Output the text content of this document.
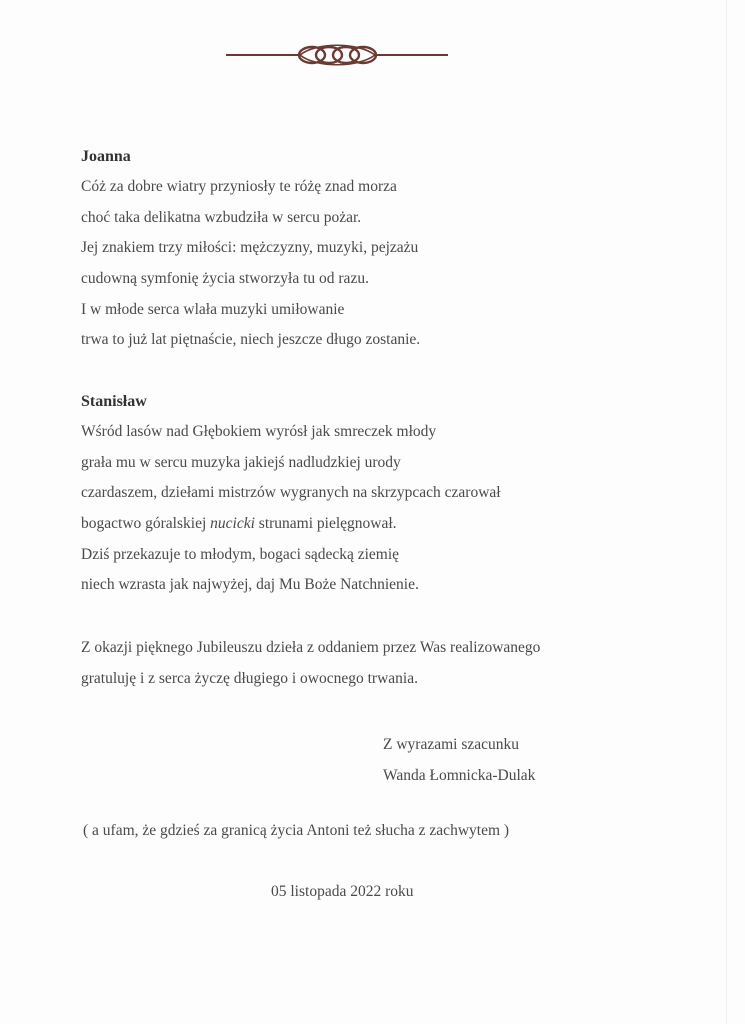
Joanna

Cóż za dobre wiatry przyniosły te różę znad morza

choć taka delikatna wzbudziła w sercu pożar.

Jej znakiem trzy miłości: mężczyzny, muzyki, pejzażu

cudowną symfonię życia stworzyła tu od razu.

I w młode serca wlała muzyki umiłowanie

trwa to już lat piętnaście, niech jeszcze długo zostanie.

Stanisław

Wśród lasów nad Głębokiem wyrósł jak smreczek młody

grała mu w sercu muzyka jakiejś nadludzkiej urody

czardaszem, dziełami mistrzów wygranych na skrzypcach czarował

bogactwo góralskiej nucicki strunami pielęgnował.

Dziś przekazuje to młodym, bogaci sądecką ziemię

niech wzrasta jak najwyżej, daj Mu Boże Natchnienie.

Z okazji pięknego Jubileuszu dzieła z oddaniem przez Was realizowanego

gratuluję i z serca życzę długiego i owocnego trwania.

Z wyrazami szacunku

Wanda Łomnicka-Dulak

( a ufam, że gdzieś za granicą życia Antoni też słucha z zachwytem )
05 listopada 2022 roku
